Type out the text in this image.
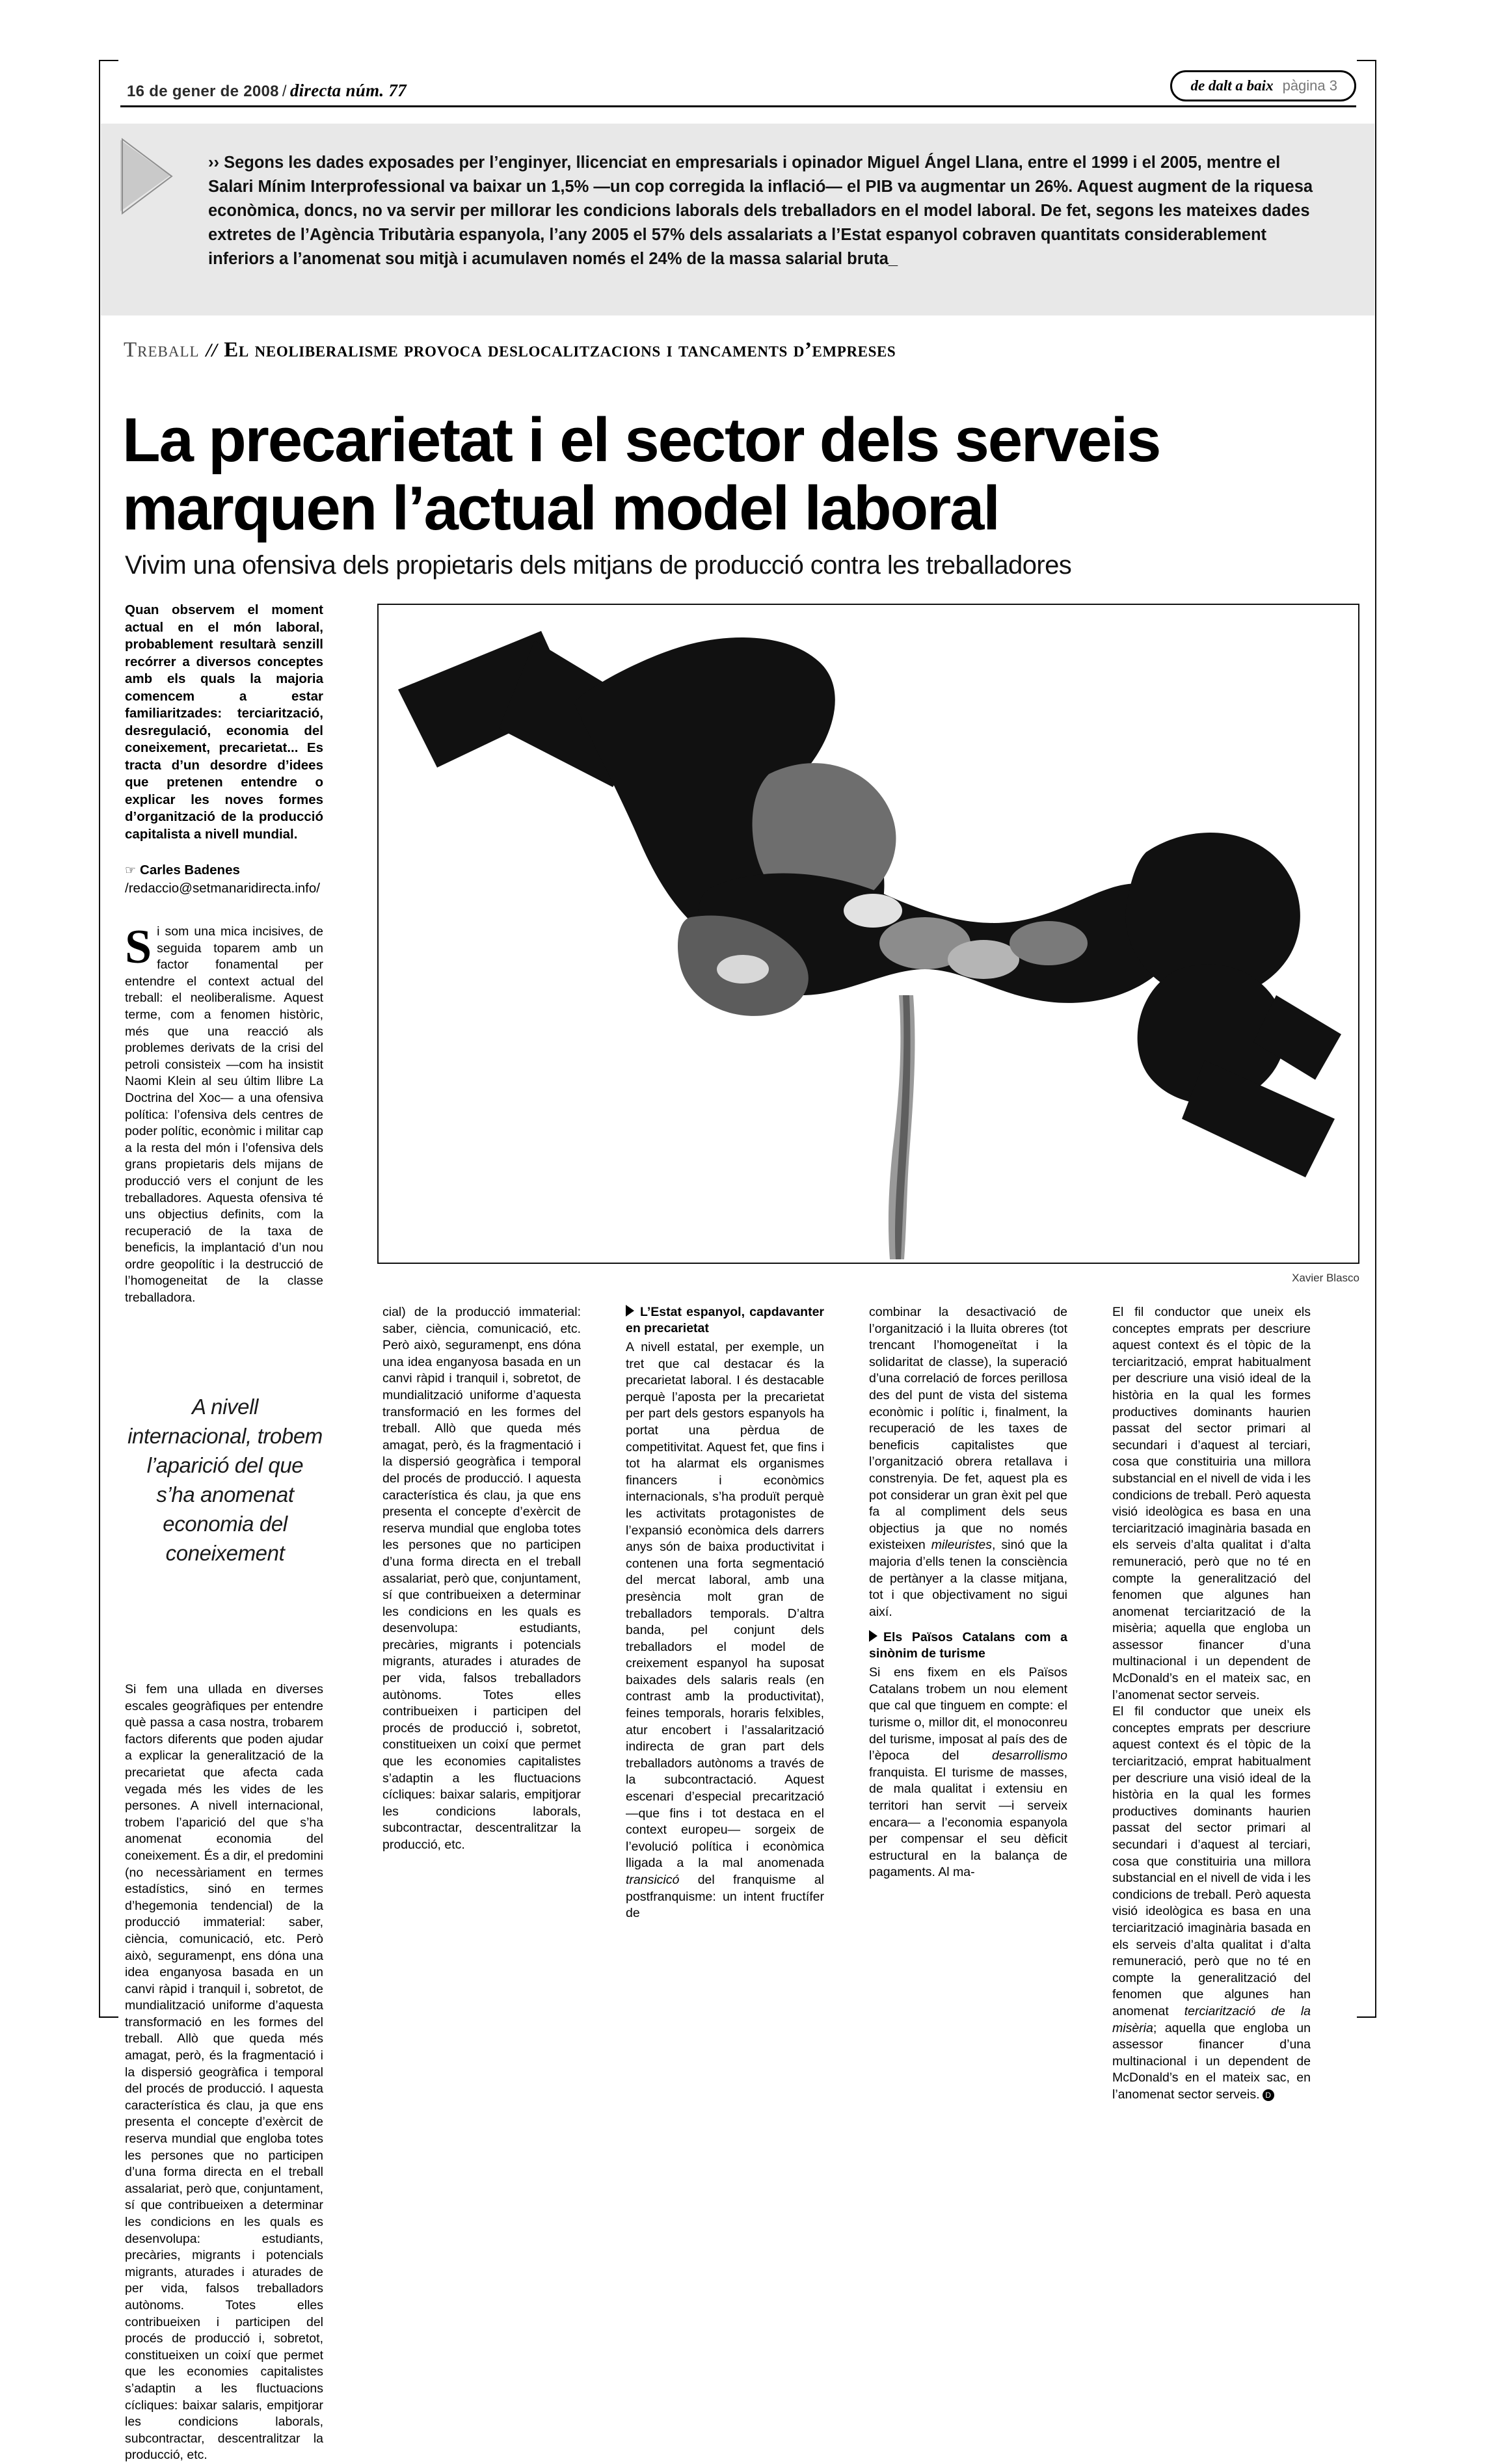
16 de gener de 2008 / directa núm. 77	de dalt a baix pàgina 3
›› Segons les dades exposades per l’enginyer, llicenciat en empresarials i opinador Miguel Ángel Llana, entre el 1999 i el 2005, mentre el Salari Mínim Interprofessional va baixar un 1,5% —un cop corregida la inflació— el PIB va augmentar un 26%. Aquest augment de la riquesa econòmica, doncs, no va servir per millorar les condicions laborals dels treballadors en el model laboral. De fet, segons les mateixes dades extretes de l’Agència Tributària espanyola, l’any 2005 el 57% dels assalariats a l’Estat espanyol cobraven quantitats considerablement inferiors a l’anomenat sou mitjà i acumulaven només el 24% de la massa salarial bruta_
Treball // El neoliberalisme provoca deslocalitzacions i tancaments d’empreses
La precarietat i el sector dels serveis marquen l’actual model laboral
Vivim una ofensiva dels propietaris dels mitjans de producció contra les treballadores
Quan observem el moment actual en el món laboral, probablement resultarà senzill recórrer a diversos conceptes amb els quals la majoria comencem a estar familiaritzades: terciarització, desregulació, economia del coneixement, precarietat... Es tracta d’un desordre d’idees que pretenen entendre o explicar les noves formes d’organització de la producció capitalista a nivell mundial.
☞ Carles Badenes
/redaccio@setmanaridirecta.info/
S i som una mica incisives, de seguida toparem amb un factor fonamental per entendre el context actual del treball: el neoliberalisme. Aquest terme, com a fenomen històric, més que una reacció als problemes derivats de la crisi del petroli consisteix —com ha insistit Naomi Klein al seu últim llibre La Doctrina del Xoc— a una ofensiva política: l’ofensiva dels centres de poder polític, econòmic i militar cap a la resta del món i l’ofensiva dels grans propietaris dels mijans de producció vers el conjunt de les treballadores. Aquesta ofensiva té uns objectius definits, com la recuperació de la taxa de beneficis, la implantació d’un nou ordre geopolític i la destrucció de l’homogeneitat de la classe treballadora.
A nivell internacional, trobem l’aparició del que s’ha anomenat economia del coneixement
Si fem una ullada en diverses escales geogràfiques per entendre què passa a casa nostra, trobarem factors diferents que poden ajudar a explicar la generalització de la precarietat que afecta cada vegada més les vides de les persones. A nivell internacional, trobem l’aparició del que s’ha anomenat economia del coneixement. És a dir, el predomini (no necessàriament en termes estadístics, sinó en termes d’hegemonia tendencial) de la producció immaterial: saber, ciència, comunicació, etc. Però això, seguramenpt, ens dóna una idea enganyosa basada en un canvi ràpid i tranquil i, sobretot, de mundialització uniforme d’aquesta transformació en les formes del treball. Allò que queda més amagat, però, és la fragmentació i la dispersió geogràfica i temporal del procés de producció. I aquesta característica és clau, ja que ens presenta el concepte d’exèrcit de reserva mundial que engloba totes les persones que no participen d’una forma directa en el treball assalariat, però que, conjuntament, sí que contribueixen a determinar les condicions en les quals es desenvolupa: estudiants, precàries, migrants i potencials migrants, aturades i aturades de per vida, falsos treballadors autònoms. Totes elles contribueixen i participen del procés de producció i, sobretot, constitueixen un coixí que permet que les economies capitalistes s’adaptin a les fluctuacions cícliques: baixar salaris, empitjorar les condicions laborals, subcontractar, descentralitzar la producció, etc.
Xavier Blasco

cial) de la producció immaterial: saber, ciència, comunicació, etc. Però això, seguramenpt, ens dóna una idea enganyosa basada en un canvi ràpid i tranquil i, sobretot, de mundialització uniforme d’aquesta transformació en les formes del treball. Allò que queda més amagat, però, és la fragmentació i la dispersió geogràfica i temporal del procés de producció. I aquesta característica és clau, ja que ens presenta el concepte d’exèrcit de reserva mundial que engloba totes les persones que no participen d’una forma directa en el treball assalariat, però que, conjuntament, sí que contribueixen a determinar les condicions en les quals es desenvolupa: estudiants, precàries, migrants i potencials migrants, aturades i aturades de per vida, falsos treballadors autònoms. Totes elles contribueixen i participen del procés de producció i, sobretot, constitueixen un coixí que permet que les economies capitalistes s’adaptin a les fluctuacions cícliques: baixar salaris, empitjorar les condicions laborals, subcontractar, descentralitzar la producció, etc.

L’Estat espanyol, capdavanter en precarietat

A nivell estatal, per exemple, un tret que cal destacar és la precarietat laboral. I és destacable perquè l’aposta per la precarietat per part dels gestors espanyols ha portat una pèrdua de competitivitat. Aquest fet, que fins i tot ha alarmat els organismes financers i econòmics internacionals, s’ha produït perquè les activitats protagonistes de l’expansió econòmica dels darrers anys són de baixa productivitat i contenen una forta segmentació del mercat laboral, amb una presència molt gran de treballadors temporals. D’altra banda, pel conjunt dels treballadors el model de creixement espanyol ha suposat baixades dels salaris reals (en contrast amb la productivitat), feines temporals, horaris felxibles, atur encobert i l’assalarització indirecta de gran part dels treballadors autònoms a través de la subcontractació. Aquest escenari d’especial precarització —que fins i tot destaca en el context europeu— sorgeix de l’evolució política i econòmica lligada a la mal anomenada transicicó del franquisme al postfranquisme: un intent fructífer de

combinar la desactivació de l’organització i la lluita obreres (tot trencant l’homogeneïtat i la solidaritat de classe), la superació d’una correlació de forces perillosa des del punt de vista del sistema econòmic i polític i, finalment, la recuperació de les taxes de beneficis capitalistes que l’organització obrera retallava i constrenyia. De fet, aquest pla es pot considerar un gran èxit pel que fa al compliment dels seus objectius ja que no només existeixen mileuristes, sinó que la majoria d’ells tenen la consciència de pertànyer a la classe mitjana, tot i que objectivament no sigui així.

Els Països Catalans com a sinònim de turisme

Si ens fixem en els Països Catalans trobem un nou element que cal que tinguem en compte: el turisme o, millor dit, el monoconreu del turisme, imposat al país des de l’època del desarrollismo franquista. El turisme de masses, de mala qualitat i extensiu en territori han servit —i serveix encara— a l’economia espanyola per compensar el seu dèficit estructural en la balança de pagaments. Al ma-

El fil conductor que uneix els conceptes emprats per descriure aquest context és el tòpic de la terciarització, emprat habitualment per descriure una visió ideal de la història en la qual les formes productives dominants haurien passat del sector primari al secundari i d’aquest al terciari, cosa que constituiria una millora substancial en el nivell de vida i les condicions de treball. Però aquesta visió ideològica es basa en una terciarització imaginària basada en els serveis d’alta qualitat i d’alta remuneració, però que no té en compte la generalització del fenomen que algunes han anomenat terciarització de la misèria; aquella que engloba un assessor financer d’una multinacional i un dependent de McDonald’s en el mateix sac, en l’anomenat sector serveis.

El fil conductor que uneix els conceptes emprats per descriure aquest context és el tòpic de la terciarització, emprat habitualment per descriure una visió ideal de la història en la qual les formes productives dominants haurien passat del sector primari al secundari i d’aquest al terciari, cosa que constituiria una millora substancial en el nivell de vida i les condicions de treball. Però aquesta visió ideològica es basa en una terciarització imaginària basada en els serveis d’alta qualitat i d’alta remuneració, però que no té en compte la generalització del fenomen que algunes han anomenat terciarització de la misèria; aquella que engloba un assessor financer d’una multinacional i un dependent de McDonald’s en el mateix sac, en l’anomenat sector serveis. D
